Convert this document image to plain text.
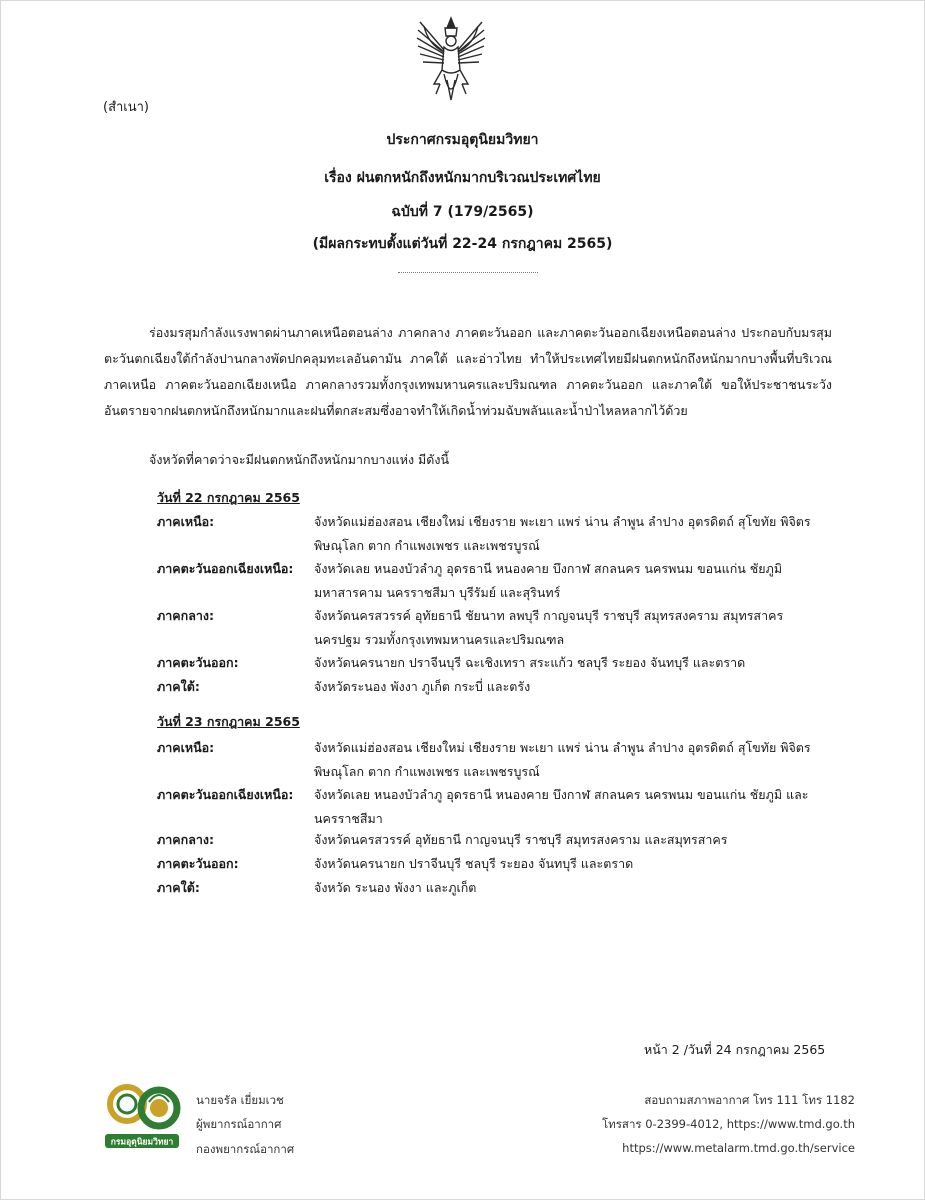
(สำเนา)
ประกาศกรมอุตุนิยมวิทยา
เรื่อง ฝนตกหนักถึงหนักมากบริเวณประเทศไทย
ฉบับที่ 7 (179/2565)
(มีผลกระทบตั้งแต่วันที่ 22-24 กรกฎาคม 2565)

ร่องมรสุมกำลังแรงพาดผ่านภาคเหนือตอนล่าง ภาคกลาง ภาคตะวันออก และภาคตะวันออกเฉียงเหนือตอนล่าง ประกอบกับมรสุมตะวันตกเฉียงใต้กำลังปานกลางพัดปกคลุมทะเลอันดามัน ภาคใต้ และอ่าวไทย ทำให้ประเทศไทยมีฝนตกหนักถึงหนักมากบางพื้นที่บริเวณภาคเหนือ ภาคตะวันออกเฉียงเหนือ ภาคกลางรวมทั้งกรุงเทพมหานครและปริมณฑล ภาคตะวันออก และภาคใต้ ขอให้ประชาชนระวังอันตรายจากฝนตกหนักถึงหนักมากและฝนที่ตกสะสมซึ่งอาจทำให้เกิดน้ำท่วมฉับพลันและน้ำป่าไหลหลากไว้ด้วย

จังหวัดที่คาดว่าจะมีฝนตกหนักถึงหนักมากบางแห่ง มีดังนี้
วันที่ 22 กรกฎาคม 2565
ภาคเหนือ:	จังหวัดแม่ฮ่องสอน เชียงใหม่ เชียงราย พะเยา แพร่ น่าน ลำพูน ลำปาง อุตรดิตถ์ สุโขทัย พิจิตร พิษณุโลก ตาก กำแพงเพชร และเพชรบูรณ์
ภาคตะวันออกเฉียงเหนือ:	จังหวัดเลย หนองบัวลำภู อุดรธานี หนองคาย บึงกาฬ สกลนคร นครพนม ขอนแก่น ชัยภูมิ มหาสารคาม นครราชสีมา บุรีรัมย์ และสุรินทร์
ภาคกลาง:	จังหวัดนครสวรรค์ อุทัยธานี ชัยนาท ลพบุรี กาญจนบุรี ราชบุรี สมุทรสงคราม สมุทรสาคร นครปฐม รวมทั้งกรุงเทพมหานครและปริมณฑล
ภาคตะวันออก:	จังหวัดนครนายก ปราจีนบุรี ฉะเชิงเทรา สระแก้ว ชลบุรี ระยอง จันทบุรี และตราด
ภาคใต้:	จังหวัดระนอง พังงา ภูเก็ต กระบี่ และตรัง
วันที่ 23 กรกฎาคม 2565
ภาคเหนือ:	จังหวัดแม่ฮ่องสอน เชียงใหม่ เชียงราย พะเยา แพร่ น่าน ลำพูน ลำปาง อุตรดิตถ์ สุโขทัย พิจิตร พิษณุโลก ตาก กำแพงเพชร และเพชรบูรณ์
ภาคตะวันออกเฉียงเหนือ:	จังหวัดเลย หนองบัวลำภู อุดรธานี หนองคาย บึงกาฬ สกลนคร นครพนม ขอนแก่น ชัยภูมิ และนครราชสีมา
ภาคกลาง:	จังหวัดนครสวรรค์ อุทัยธานี กาญจนบุรี ราชบุรี สมุทรสงคราม และสมุทรสาคร
ภาคตะวันออก:	จังหวัดนครนายก ปราจีนบุรี ชลบุรี ระยอง จันทบุรี และตราด
ภาคใต้:	จังหวัด ระนอง พังงา และภูเก็ต
หน้า 2 /วันที่ 24 กรกฎาคม 2565
กรมอุตุนิยมวิทยา
นายจรัล เยี่ยมเวช
ผู้พยากรณ์อากาศ
กองพยากรณ์อากาศ
สอบถามสภาพอากาศ โทร 111 โทร 1182
โทรสาร 0-2399-4012, https://www.tmd.go.th
https://www.metalarm.tmd.go.th/service
